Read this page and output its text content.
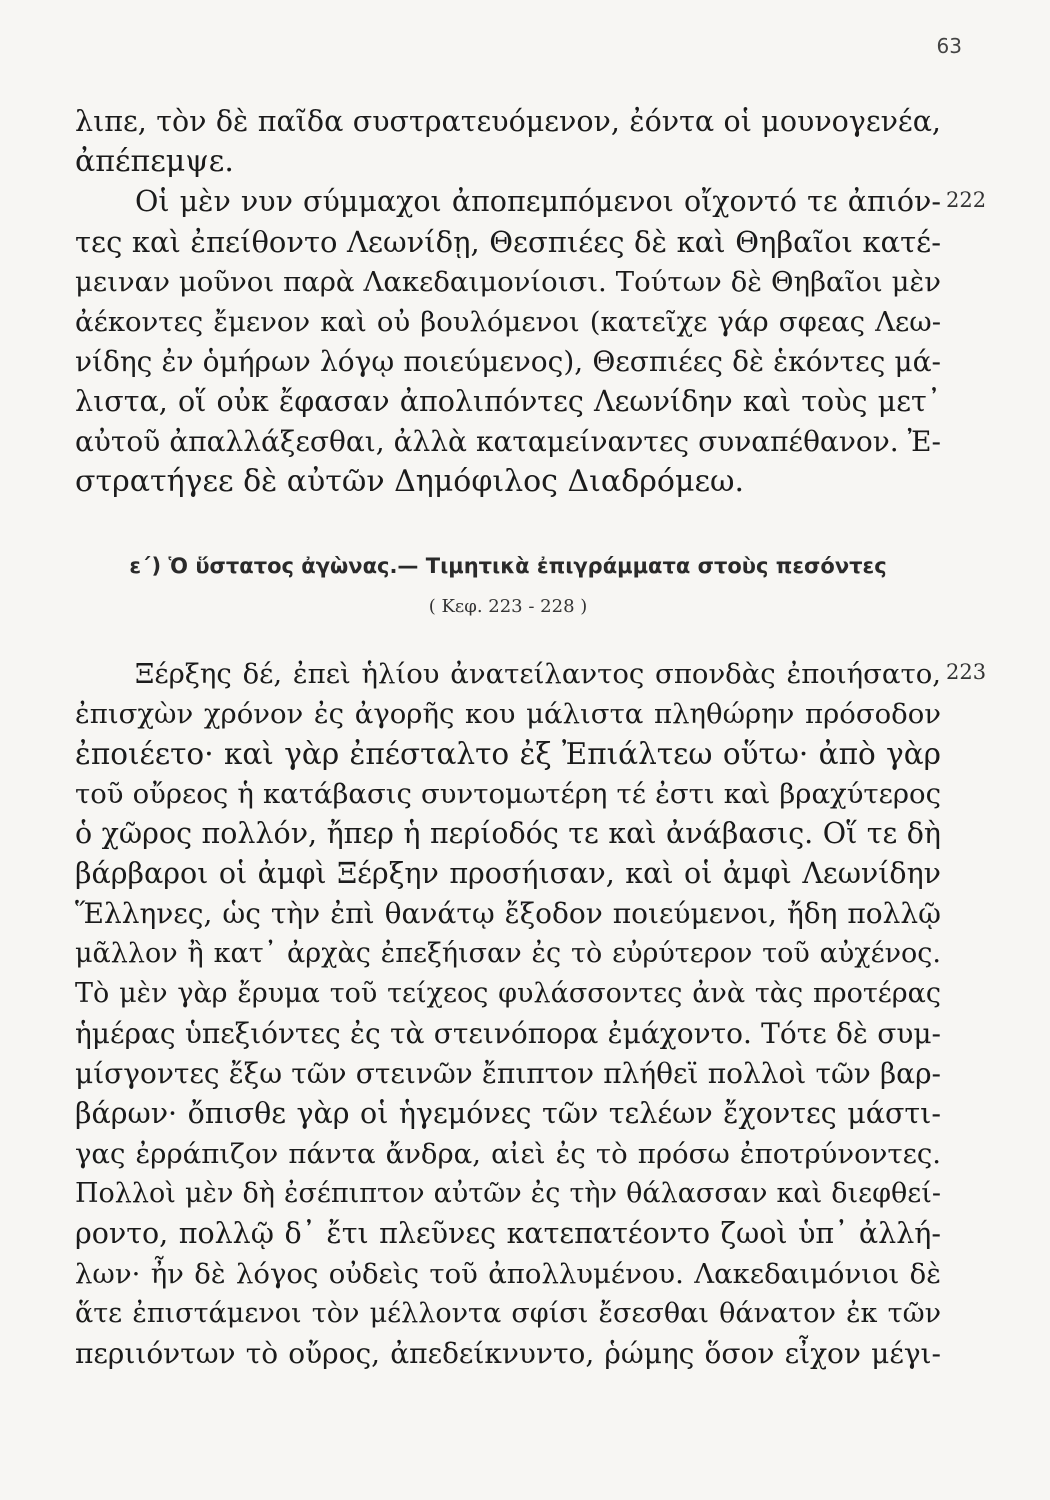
63
λιπε, τὸν δὲ παῖδα συστρατευόμενον, ἐόντα οἱ μουνογενέα,
ἀπέπεμψε.
Οἱ μὲν νυν σύμμαχοι ἀποπεμπόμενοι οἴχοντό τε ἀπιόν-
τες καὶ ἐπείθοντο Λεωνίδῃ, Θεσπιέες δὲ καὶ Θηβαῖοι κατέ-
μειναν μοῦνοι παρὰ Λακεδαιμονίοισι. Τούτων δὲ Θηβαῖοι μὲν
ἀέκοντες ἔμενον καὶ οὐ βουλόμενοι (κατεῖχε γάρ σφεας Λεω-
νίδης ἐν ὁμήρων λόγῳ ποιεύμενος), Θεσπιέες δὲ ἑκόντες μά-
λιστα, οἵ οὐκ ἔφασαν ἀπολιπόντες Λεωνίδην καὶ τοὺς μετ᾽
αὐτοῦ ἀπαλλάξεσθαι, ἀλλὰ καταμείναντες συναπέθανον. Ἐ-
στρατήγεε δὲ αὐτῶν Δημόφιλος Διαδρόμεω.
222
ε´) Ὁ ὕστατος ἀγὼνας.— Τιμητικὰ ἐπιγράμματα στοὺς πεσόντες
( Κεφ. 223 - 228 )
Ξέρξης δέ, ἐπεὶ ἡλίου ἀνατείλαντος σπονδὰς ἐποιήσατο,
ἐπισχὼν χρόνον ἐς ἀγορῆς κου μάλιστα πληθώρην πρόσοδον
ἐποιέετο· καὶ γὰρ ἐπέσταλτο ἐξ Ἐπιάλτεω οὕτω· ἀπὸ γὰρ
τοῦ οὔρεος ἡ κατάβασις συντομωτέρη τέ ἐστι καὶ βραχύτερος
ὁ χῶρος πολλόν, ἤπερ ἡ περίοδός τε καὶ ἀνάβασις. Οἵ τε δὴ
βάρβαροι οἱ ἀμφὶ Ξέρξην προσήισαν, καὶ οἱ ἀμφὶ Λεωνίδην
Ἕλληνες, ὡς τὴν ἐπὶ θανάτῳ ἔξοδον ποιεύμενοι, ἤδη πολλῷ
μᾶλλον ἢ κατ᾽ ἀρχὰς ἐπεξήισαν ἐς τὸ εὐρύτερον τοῦ αὐχένος.
Τὸ μὲν γὰρ ἔρυμα τοῦ τείχεος φυλάσσοντες ἀνὰ τὰς προτέρας
ἡμέρας ὑπεξιόντες ἐς τὰ στεινόπορα ἐμάχοντο. Τότε δὲ συμ-
μίσγοντες ἔξω τῶν στεινῶν ἔπιπτον πλήθεϊ πολλοὶ τῶν βαρ-
βάρων· ὄπισθε γὰρ οἱ ἡγεμόνες τῶν τελέων ἔχοντες μάστι-
γας ἐρράπιζον πάντα ἄνδρα, αἰεὶ ἐς τὸ πρόσω ἐποτρύνοντες.
Πολλοὶ μὲν δὴ ἐσέπιπτον αὐτῶν ἐς τὴν θάλασσαν καὶ διεφθεί-
ροντο, πολλῷ δ᾽ ἔτι πλεῦνες κατεπατέοντο ζωοὶ ὑπ᾽ ἀλλή-
λων· ἦν δὲ λόγος οὐδεὶς τοῦ ἀπολλυμένου. Λακεδαιμόνιοι δὲ
ἅτε ἐπιστάμενοι τὸν μέλλοντα σφίσι ἔσεσθαι θάνατον ἐκ τῶν
περιιόντων τὸ οὔρος, ἀπεδείκνυντο, ῥώμης ὅσον εἶχον μέγι-
223
